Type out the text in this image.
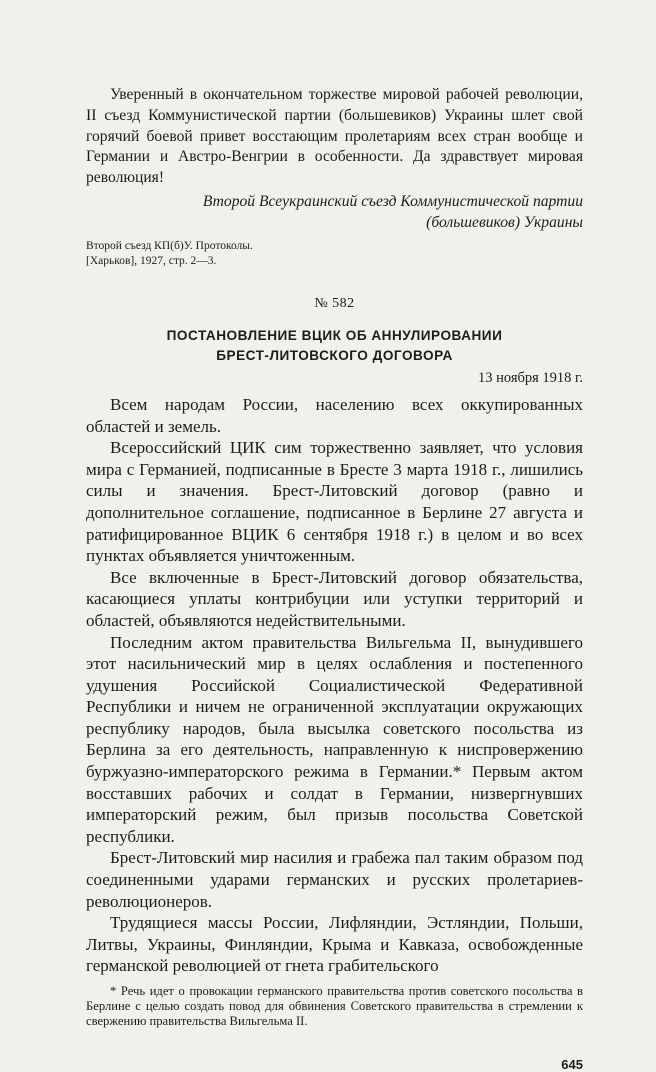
Уверенный в окончательном торжестве мировой рабочей революции, II съезд Коммунистической партии (большевиков) Украины шлет свой горячий боевой привет восстающим пролетариям всех стран вообще и Германии и Австро-Венгрии в особенности. Да здравствует мировая революция!

Второй Всеукраинский съезд Коммунистической партии
(большевиков) Украины
Второй съезд КП(б)У. Протоколы.
[Харьков], 1927, стр. 2—3.
№ 582
ПОСТАНОВЛЕНИЕ ВЦИК ОБ АННУЛИРОВАНИИ
БРЕСТ-ЛИТОВСКОГО ДОГОВОРА
13 ноября 1918 г.

Всем народам России, населению всех оккупированных областей и земель.

Всероссийский ЦИК сим торжественно заявляет, что условия мира с Германией, подписанные в Бресте 3 марта 1918 г., лишились силы и значения. Брест-Литовский договор (равно и дополнительное соглашение, подписанное в Берлине 27 августа и ратифицированное ВЦИК 6 сентября 1918 г.) в целом и во всех пунктах объявляется уничтоженным.

Все включенные в Брест-Литовский договор обязательства, касающиеся уплаты контрибуции или уступки территорий и областей, объявляются недействительными.

Последним актом правительства Вильгельма II, вынудившего этот насильнический мир в целях ослабления и постепенного удушения Российской Социалистической Федеративной Республики и ничем не ограниченной эксплуатации окружающих республику народов, была высылка советского посольства из Берлина за его деятельность, направленную к ниспровержению буржуазно-императорского режима в Германии.* Первым актом восставших рабочих и солдат в Германии, низвергнувших императорский режим, был призыв посольства Советской республики.

Брест-Литовский мир насилия и грабежа пал таким образом под соединенными ударами германских и русских пролетариев-революционеров.

Трудящиеся массы России, Лифляндии, Эстляндии, Польши, Литвы, Украины, Финляндии, Крыма и Кавказа, освобожденные германской революцией от гнета грабительского

* Речь идет о провокации германского правительства против советского посольства в Берлине с целью создать повод для обвинения Советского правительства в стремлении к свержению правительства Вильгельма II.

645
